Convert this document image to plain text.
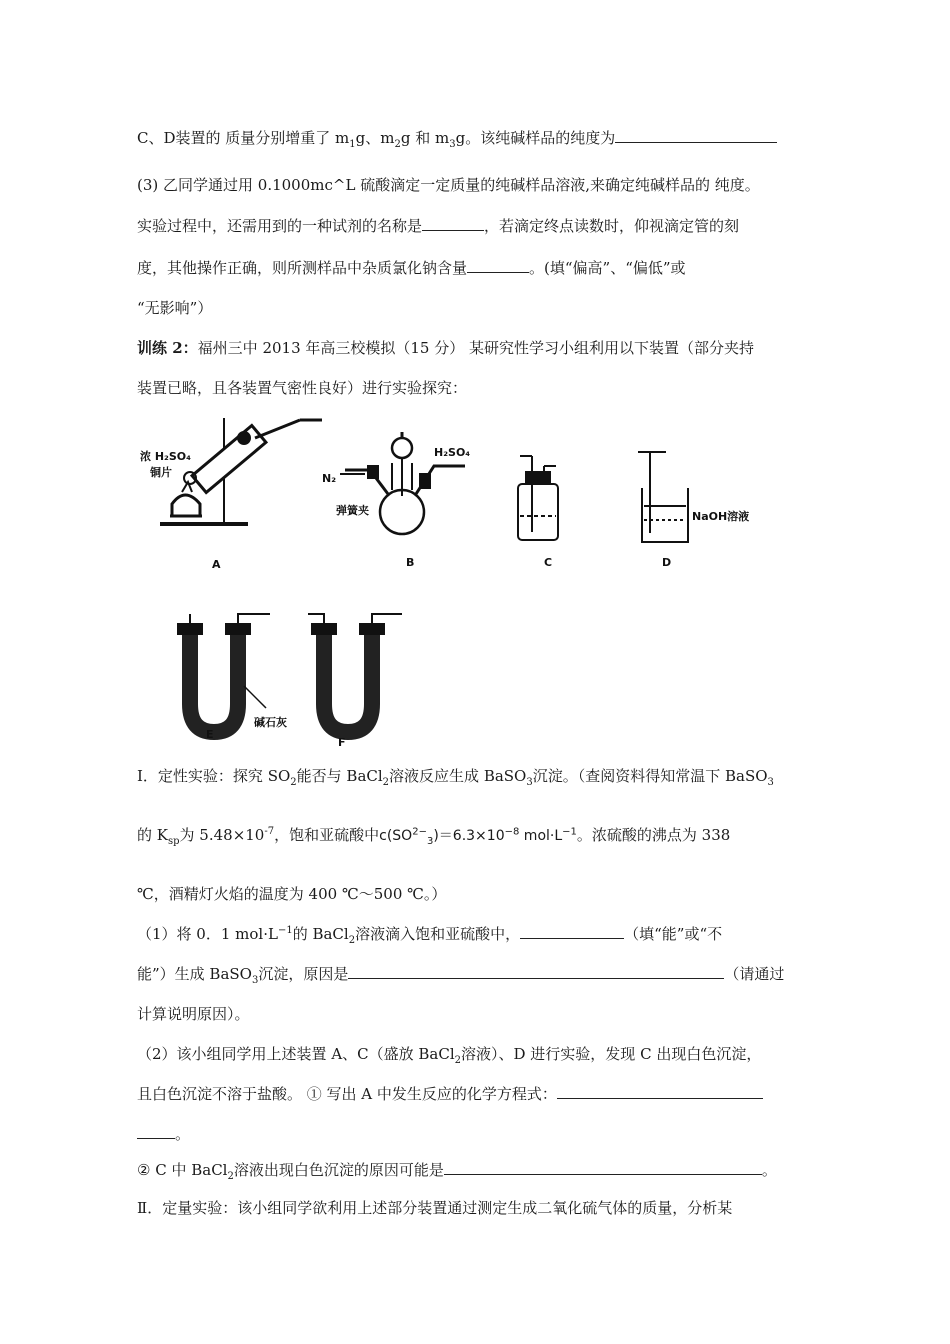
C、D装置的 质量分别增重了 $m_1g$、$m_2g$ 和 $m_3g$。该纯碱样品的纯度为
(3) 乙同学通过用 0.1000mc^L 硫酸滴定一定质量的纯碱样品溶液,来确定纯碱样品的 纯度。
实验过程中，还需用到的一种试剂的名称是	，若滴定终点读数时，仰视滴定管的刻
度，其他操作正确，则所测样品中杂质氯化钠含量	。(填“偏高”、“偏低”或
“无影响”）
训练 2：福州三中 2013 年高三校模拟（15 分） 某研究性学习小组利用以下装置（部分夹持
装置已略，且各装置气密性良好）进行实验探究：
浓 H₂SO₄
铜片
A
N₂
弹簧夹
H₂SO₄
B	C
NaOH溶液
D
碱石灰
E
F
Ⅰ．定性实验：探究 $SO_2$能否与 BaCl$_2$溶液反应生成 BaSO$_3$沉淀。（查阅资料得知常温下 BaSO$_3$
的 $K_{sp}$为 $5.48\times 10^{-7}$，饱和亚硫酸中$c(SO^{2-}_3)=6.3\times 10^{-8}$ $mol\cdot L^{-1}$。浓硫酸的沸点为 338
℃，酒精灯火焰的温度为 400 ℃～500 ℃。）
（1）将 0．1 $mol\cdot L^{-1}$的 BaCl$_2$溶液滴入饱和亚硫酸中，	（填“能”或“不
能”）生成 BaSO$_3$沉淀，原因是	（请通过
计算说明原因）。
（2）该小组同学用上述装置 A、C（盛放 BaCl$_2$溶液）、D 进行实验，发现 C 出现白色沉淀，
且白色沉淀不溶于盐酸。 ① 写出 A 中发生反应的化学方程式：
。
② C 中 BaCl$_2$溶液出现白色沉淀的原因可能是	。
Ⅱ．定量实验：该小组同学欲利用上述部分装置通过测定生成二氧化硫气体的质量，分析某
